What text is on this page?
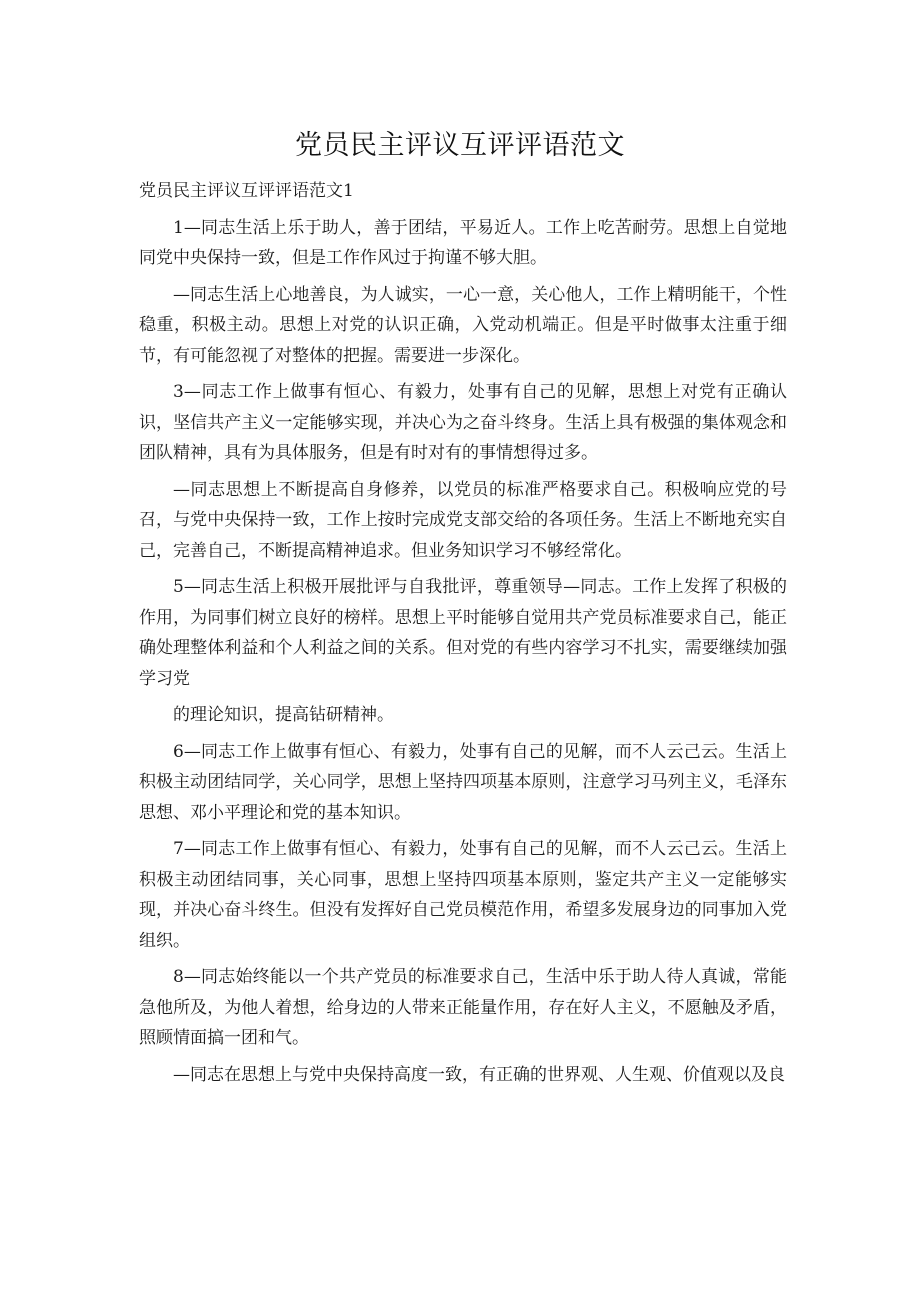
党员民主评议互评评语范文

党员民主评议互评评语范文1

1—同志生活上乐于助人，善于团结，平易近人。工作上吃苦耐劳。思想上自觉地同党中央保持一致，但是工作作风过于拘谨不够大胆。

—同志生活上心地善良，为人诚实，一心一意，关心他人，工作上精明能干，个性稳重，积极主动。思想上对党的认识正确，入党动机端正。但是平时做事太注重于细节，有可能忽视了对整体的把握。需要进一步深化。

3—同志工作上做事有恒心、有毅力，处事有自己的见解，思想上对党有正确认识，坚信共产主义一定能够实现，并决心为之奋斗终身。生活上具有极强的集体观念和团队精神，具有为具体服务，但是有时对有的事情想得过多。

—同志思想上不断提高自身修养，以党员的标准严格要求自己。积极响应党的号召，与党中央保持一致，工作上按时完成党支部交给的各项任务。生活上不断地充实自己，完善自己，不断提高精神追求。但业务知识学习不够经常化。

5—同志生活上积极开展批评与自我批评，尊重领导—同志。工作上发挥了积极的作用，为同事们树立良好的榜样。思想上平时能够自觉用共产党员标准要求自己，能正确处理整体利益和个人利益之间的关系。但对党的有些内容学习不扎实，需要继续加强学习党

的理论知识，提高钻研精神。

6—同志工作上做事有恒心、有毅力，处事有自己的见解，而不人云己云。生活上积极主动团结同学，关心同学，思想上坚持四项基本原则，注意学习马列主义，毛泽东思想、邓小平理论和党的基本知识。

7—同志工作上做事有恒心、有毅力，处事有自己的见解，而不人云己云。生活上积极主动团结同事，关心同事，思想上坚持四项基本原则，鉴定共产主义一定能够实现，并决心奋斗终生。但没有发挥好自己党员模范作用，希望多发展身边的同事加入党组织。

8—同志始终能以一个共产党员的标准要求自己，生活中乐于助人待人真诚，常能急他所及，为他人着想，给身边的人带来正能量作用，存在好人主义，不愿触及矛盾，照顾情面搞一团和气。

—同志在思想上与党中央保持高度一致，有正确的世界观、人生观、价值观以及良
